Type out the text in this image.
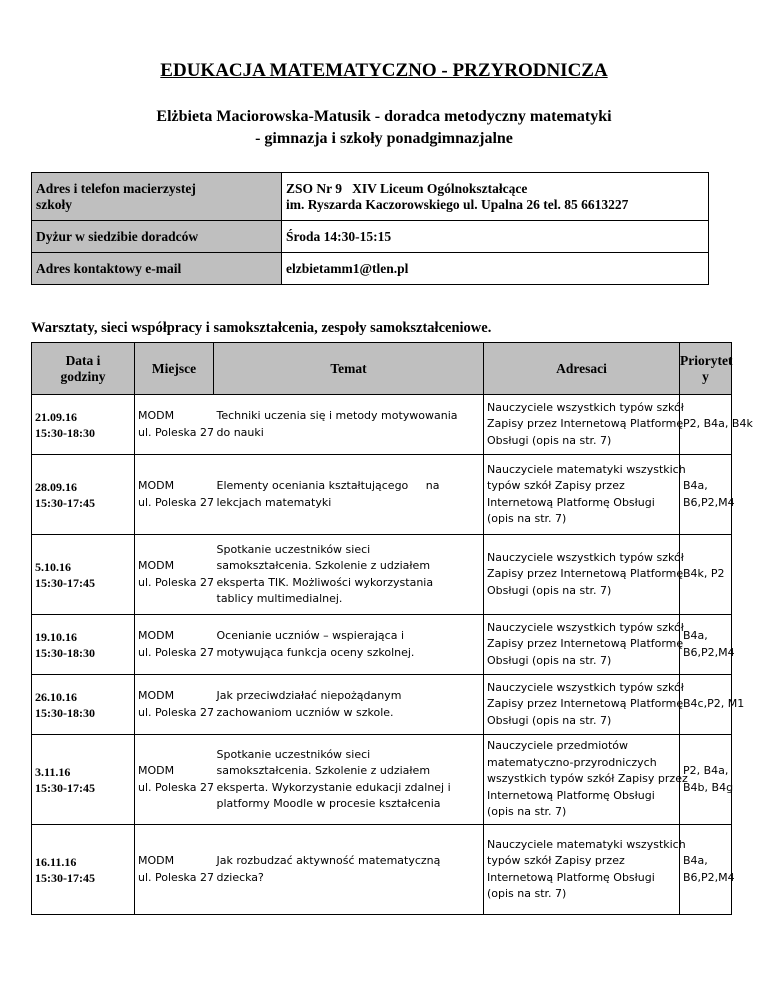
EDUKACJA MATEMATYCZNO - PRZYRODNICZA
Elżbieta Maciorowska-Matusik - doradca metodyczny matematyki
- gimnazja i szkoły ponadgimnazjalne
Adres i telefon macierzystej
szkoły	ZSO Nr 9   XIV Liceum Ogólnokształcące
im. Ryszarda Kaczorowskiego ul. Upalna 26 tel. 85 6613227

Dyżur w siedzibie doradców	Środa 14:30-15:15
Adres kontaktowy e-mail	elzbietamm1@tlen.pl
Warsztaty, sieci współpracy i samokształcenia, zespoły samokształceniowe.
Data i
godziny	Miejsce	Temat	Adresaci	Priorytet
y

21.09.16
15:30-18:30	MODM
ul. Poleska 27	Techniki uczenia się i metody motywowania
do nauki	Nauczyciele wszystkich typów szkół
Zapisy przez Internetową Platformę
Obsługi (opis na str. 7)	P2, B4a, B4k

28.09.16
15:30-17:45	MODM
ul. Poleska 27	Elementy oceniania kształtującego     na
lekcjach matematyki	Nauczyciele matematyki wszystkich
typów szkół Zapisy przez
Internetową Platformę Obsługi
(opis na str. 7)	B4a,
B6,P2,M4

5.10.16
15:30-17:45	MODM
ul. Poleska 27	Spotkanie uczestników sieci
samokształcenia. Szkolenie z udziałem
eksperta TIK. Możliwości wykorzystania
tablicy multimedialnej.	Nauczyciele wszystkich typów szkół
Zapisy przez Internetową Platformę
Obsługi (opis na str. 7)	B4k, P2

19.10.16
15:30-18:30	MODM
ul. Poleska 27	Ocenianie uczniów – wspierająca i
motywująca funkcja oceny szkolnej.	Nauczyciele wszystkich typów szkół
Zapisy przez Internetową Platformę
Obsługi (opis na str. 7)	B4a,
B6,P2,M4

26.10.16
15:30-18:30	MODM
ul. Poleska 27	Jak przeciwdziałać niepożądanym
zachowaniom uczniów w szkole.	Nauczyciele wszystkich typów szkół
Zapisy przez Internetową Platformę
Obsługi (opis na str. 7)	B4c,P2, M1

3.11.16
15:30-17:45	MODM
ul. Poleska 27	Spotkanie uczestników sieci
samokształcenia. Szkolenie z udziałem
eksperta. Wykorzystanie edukacji zdalnej i
platformy Moodle w procesie kształcenia	Nauczyciele przedmiotów
matematyczno-przyrodniczych
wszystkich typów szkół Zapisy przez
Internetową Platformę Obsługi
(opis na str. 7)	P2, B4a,
B4b, B4g

16.11.16
15:30-17:45	MODM
ul. Poleska 27	Jak rozbudzać aktywność matematyczną
dziecka?	Nauczyciele matematyki wszystkich
typów szkół Zapisy przez
Internetową Platformę Obsługi
(opis na str. 7)	B4a,
B6,P2,M4
